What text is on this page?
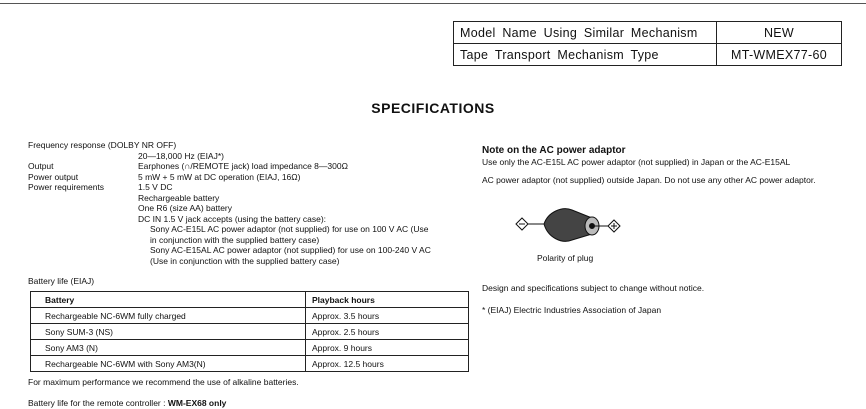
Model Name Using Similar Mechanism	NEW
Tape Transport Mechanism Type	MT-WMEX77-60
SPECIFICATIONS
Frequency response (DOLBY NR OFF)
20—18,000 Hz (EIAJ*)
Output	Earphones (∩/REMOTE jack) load impedance 8—300Ω
Power output	5 mW + 5 mW at DC operation (EIAJ, 16Ω)
Power requirements	1.5 V DC
Rechargeable battery
One R6 (size AA) battery
DC IN 1.5 V jack accepts (using the battery case):
Sony AC-E15L AC power adaptor (not supplied) for use on 100 V AC (Use
in conjunction with the supplied battery case)
Sony AC-E15AL AC power adaptor (not supplied) for use on 100-240 V AC
(Use in conjunction with the supplied battery case)
Battery life (EIAJ)
Battery	Playback hours
Rechargeable NC-6WM fully charged	Approx. 3.5 hours
Sony SUM-3 (NS)	Approx. 2.5 hours
Sony AM3 (N)	Approx. 9 hours
Rechargeable NC-6WM with Sony AM3(N)	Approx. 12.5 hours
For maximum performance we recommend the use of alkaline batteries.
Battery life for the remote controller : WM-EX68 only
Note on the AC power adaptor
Use only the AC-E15L AC power adaptor (not supplied) in Japan or the AC-E15AL
AC power adaptor (not supplied) outside Japan. Do not use any other AC power adaptor.
Polarity of plug
Design and specifications subject to change without notice.
* (EIAJ) Electric Industries Association of Japan
